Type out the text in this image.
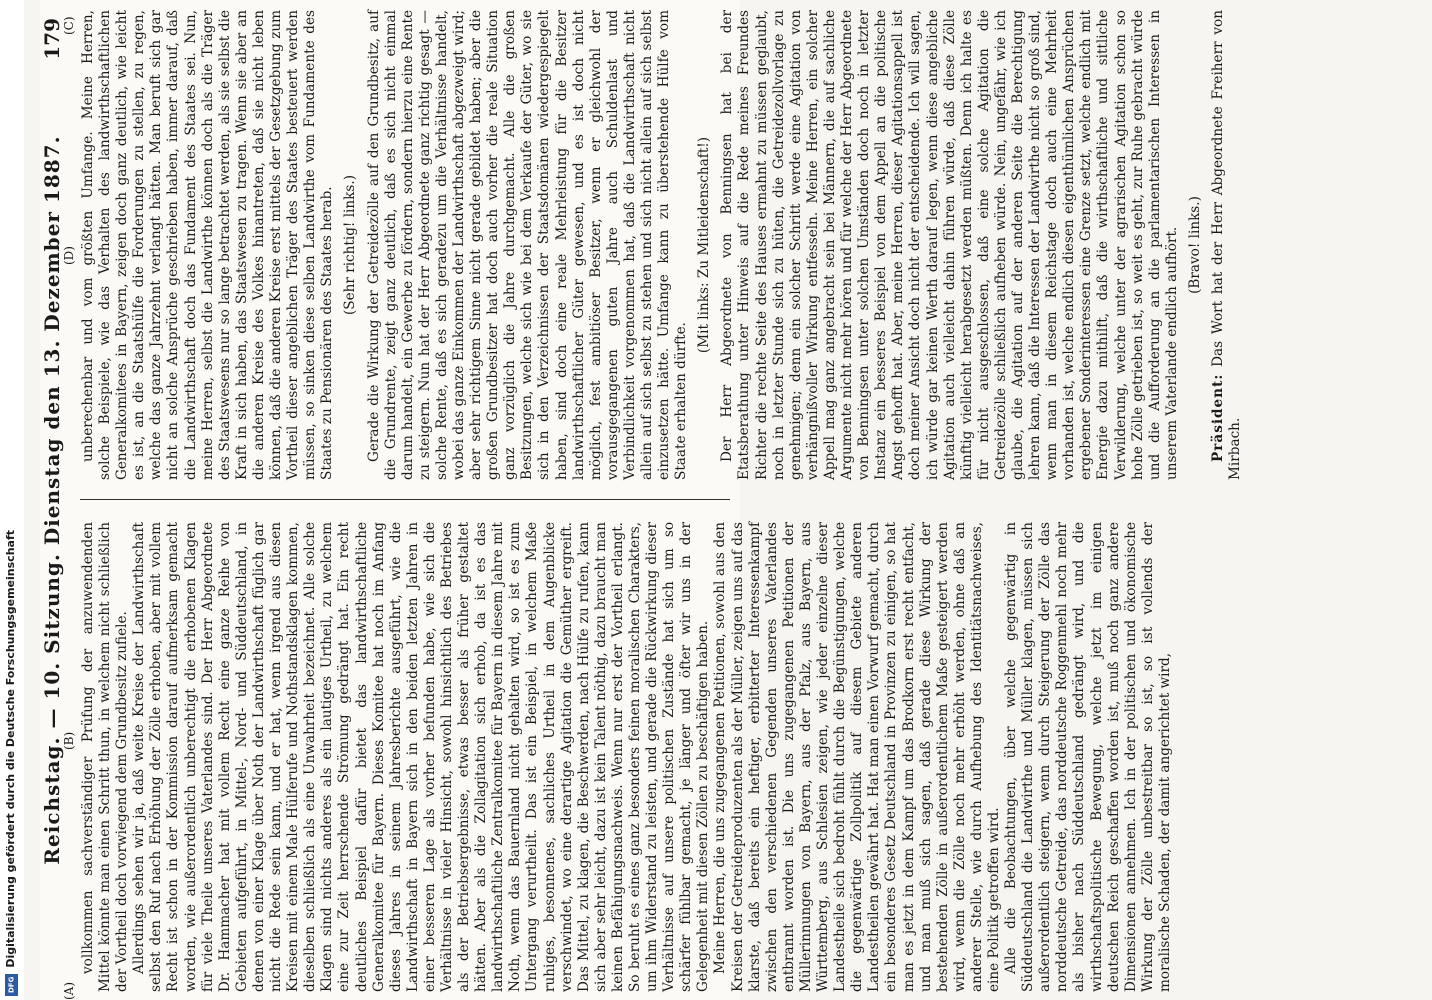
Reichstag. — 10. Sitzung. Dienstag den 13. Dezember 1887.
179
(A)
(B)
(C)
(D)

vollkommen sachverständiger Prüfung der anzuwendenden Mittel könnte man einen Schritt thun, in welchem nicht schließlich der Vortheil doch vorwiegend dem Grundbesitz zufiele. Allerdings sehen wir ja, daß weite Kreise der Landwirthschaft selbst den Ruf nach Erhöhung der Zölle erhoben, aber mit vollem Recht ist schon in der Kommission darauf aufmerksam gemacht worden, wie außerordentlich unberechtigt die erhobenen Klagen für viele Theile unseres Vaterlandes sind. Der Herr Abgeordnete Dr. Hammacher hat mit vollem Recht eine ganze Reihe von Gebieten aufgeführt, in Mittel-, Nord- und Süddeutschland, in denen von einer Klage über Noth der Landwirthschaft füglich gar nicht die Rede sein kann, und er hat, wenn irgend aus diesen Kreisen mit einem Male Hülferufe und Nothstandsklagen kommen, dieselben schließlich als eine Unwahrheit bezeichnet. Alle solche Klagen sind nichts anderes als ein lautiges Urtheil, zu welchem eine zur Zeit herrschende Strömung gedrängt hat. Ein recht deutliches Beispiel dafür bietet das landwirthschaftliche Generalkomitee für Bayern. Dieses Komitee hat noch im Anfang dieses Jahres in seinem Jahresberichte ausgeführt, wie die Landwirthschaft in Bayern sich in den beiden letzten Jahren in einer besseren Lage als vorher befunden habe, wie sich die Verhältnisse in vieler Hinsicht, sowohl hinsichtlich des Betriebes als der Betriebsergebnisse, etwas besser als früher gestaltet hätten. Aber als die Zollagitation sich erhob, da ist es das landwirthschaftliche Zentralkomitee für Bayern in diesem Jahre mit Noth, wenn das Bauernland nicht gehalten wird, so ist es zum Untergang verurtheilt. Das ist ein Beispiel, in welchem Maße ruhiges, besonnenes, sachliches Urtheil in dem Augenblicke verschwindet, wo eine derartige Agitation die Gemüther ergreift. Das Mittel, zu klagen, die Beschwerden, nach Hülfe zu rufen, kann sich aber sehr leicht, dazu ist kein Talent nöthig, dazu braucht man keinen Befähigungsnachweis. Wenn nur erst der Vortheil erlangt. So beruht es eines ganz besonders feinen moralischen Charakters, um ihm Widerstand zu leisten, und gerade die Rückwirkung dieser Verhältnisse auf unsere politischen Zustände hat sich um so schärfer fühlbar gemacht, je länger und öfter wir uns in der Gelegenheit mit diesen Zöllen zu beschäftigen haben. Meine Herren, die uns zugegangenen Petitionen, sowohl aus den Kreisen der Getreideproduzenten als der Müller, zeigen uns auf das klarste, daß bereits ein heftiger, erbitterter Interessenkampf zwischen den verschiedenen Gegenden unseres Vaterlandes entbrannt worden ist. Die uns zugegangenen Petitionen der Müllerinnungen von Bayern, aus der Pfalz, aus Bayern, aus Württemberg, aus Schlesien zeigen, wie jeder einzelne dieser Landestheile sich bedroht fühlt durch die Begünstigungen, welche die gegenwärtige Zollpolitik auf diesem Gebiete anderen Landestheilen gewährt hat. Hat man einen Vorwurf gemacht, durch ein besonderes Gesetz Deutschland in Provinzen zu einigen, so hat man es jetzt in dem Kampf um das Brodkorn erst recht entfacht, und man muß sich sagen, daß gerade diese Wirkung der bestehenden Zölle in außerordentlichem Maße gesteigert werden wird, wenn die Zölle noch mehr erhöht werden, ohne daß an anderer Stelle, wie durch Aufhebung des Identitätsnachweises, eine Politik getroffen wird. Alle die Beobachtungen, über welche gegenwärtig in Süddeutschland die Landwirthe und Müller klagen, müssen sich außerordentlich steigern, wenn durch Steigerung der Zölle das norddeutsche Getreide, das norddeutsche Roggenmehl noch mehr als bisher nach Süddeutschland gedrängt wird, und die wirthschaftspolitische Bewegung, welche jetzt im einigen deutschen Reich geschaffen worden ist, muß noch ganz andere Dimensionen annehmen. Ich in der politischen und ökonomische Wirkung der Zölle unbestreitbar so ist, so ist vollends der moralische Schaden, der damit angerichtet wird,

unberechenbar und vom größten Umfange. Meine Herren, solche Beispiele, wie das Verhalten des landwirthschaftlichen Generalkomitees in Bayern, zeigen doch ganz deutlich, wie leicht es ist, an die Staatshülfe die Forderungen zu stellen, zu regen, welche das ganze Jahrzehnt verlangt hätten. Man beruft sich gar nicht an solche Ansprüche geschrieben haben, immer darauf, daß die Landwirthschaft doch das Fundament des Staates sei. Nun, meine Herren, selbst die Landwirthe können doch als die Träger des Staatswesens nur so lange betrachtet werden, als sie selbst die Kraft in sich haben, das Staatswesen zu tragen. Wenn sie aber an die anderen Kreise des Volkes hinantreten, daß sie nicht leben können, daß die anderen Kreise erst mittels der Gesetzgebung zum Vortheil dieser angeblichen Träger des Staates besteuert werden müssen, so sinken diese selben Landwirthe vom Fundamente des Staates zu Pensionären des Staates herab. (Sehr richtig! links.) Gerade die Wirkung der Getreidezölle auf den Grundbesitz, auf die Grundrente, zeigt ganz deutlich, daß es sich nicht einmal darum handelt, ein Gewerbe zu fördern, sondern hierzu eine Rente zu steigern. Nun hat der Herr Abgeordnete ganz richtig gesagt — solche Rente, daß es sich geradezu um die Verhältnisse handelt, wobei das ganze Einkommen der Landwirthschaft abgezweigt wird; aber sehr richtigem Sinne nicht gerade gebildet haben; aber die großen Grundbesitzer hat doch auch vorher die reale Situation ganz vorzüglich die Jahre durchgemacht. Alle die großen Besitzungen, welche sich wie bei dem Verkaufe der Güter, wo sie sich in den Verzeichnissen der Staatsdomänen wiedergespiegelt haben, sind doch eine reale Mehrleistung für die Besitzer landwirthschaftlicher Güter gewesen, und es ist doch nicht möglich, fest ambitiöser Besitzer, wenn er gleichwohl der vorausgegangenen guten Jahre auch Schuldenlast und Verbindlichkeit vorgenommen hat, daß die Landwirthschaft nicht allein auf sich selbst zu stehen und sich nicht allein auf sich selbst einzusetzen hätte. Umfange kann zu überstehende Hülfe vom Staate erhalten dürfte.

(Mit links: Zu Mitleidenschaft!) Der Herr Abgeordnete von Benningsen hat bei der Etatsberathung unter Hinweis auf die Rede meines Freundes Richter die rechte Seite des Hauses ermahnt zu müssen geglaubt, noch in letzter Stunde sich zu hüten, die Getreidezollvorlage zu genehmigen; denn ein solcher Schritt werde eine Agitation von verhängnißvoller Wirkung entfesseln. Meine Herren, ein solcher Appell mag ganz angebracht sein bei Männern, die auf sachliche Argumente nicht mehr hören und für welche der Herr Abgeordnete von Benningsen unter solchen Umständen doch noch in letzter Instanz ein besseres Beispiel von dem Appell an die politische Angst gehofft hat. Aber, meine Herren, dieser Agitationsappell ist doch meiner Ansicht doch nicht der entscheidende. Ich will sagen, ich würde gar keinen Werth darauf legen, wenn diese angebliche Agitation auch vielleicht dahin führen würde, daß diese Zölle künftig vielleicht herabgesetzt werden müßten. Denn ich halte es für nicht ausgeschlossen, daß eine solche Agitation die Getreidezölle schließlich aufheben würde. Nein, ungefähr, wie ich glaube, die Agitation auf der anderen Seite die Berechtigung lehren kann, daß die Interessen der Landwirthe nicht so groß sind, wenn man in diesem Reichstage doch auch eine Mehrheit vorhanden ist, welche endlich diesen eigenthümlichen Ansprüchen ergebener Sonderinteressen eine Grenze setzt, welche endlich mit Energie dazu mithilft, daß die wirthschaftliche und sittliche Verwilderung, welche unter der agrarischen Agitation schon so hohe Zölle getrieben ist, so weit es geht, zur Ruhe gebracht würde und die Aufforderung an die parlamentarischen Interessen in unserem Vaterlande endlich aufhört. (Bravo! links.)

Präsident: Das Wort hat der Herr Abgeordnete Freiherr von Mirbach.

Digitalisierung gefördert durch die Deutsche Forschungsgemeinschaft
DFG
